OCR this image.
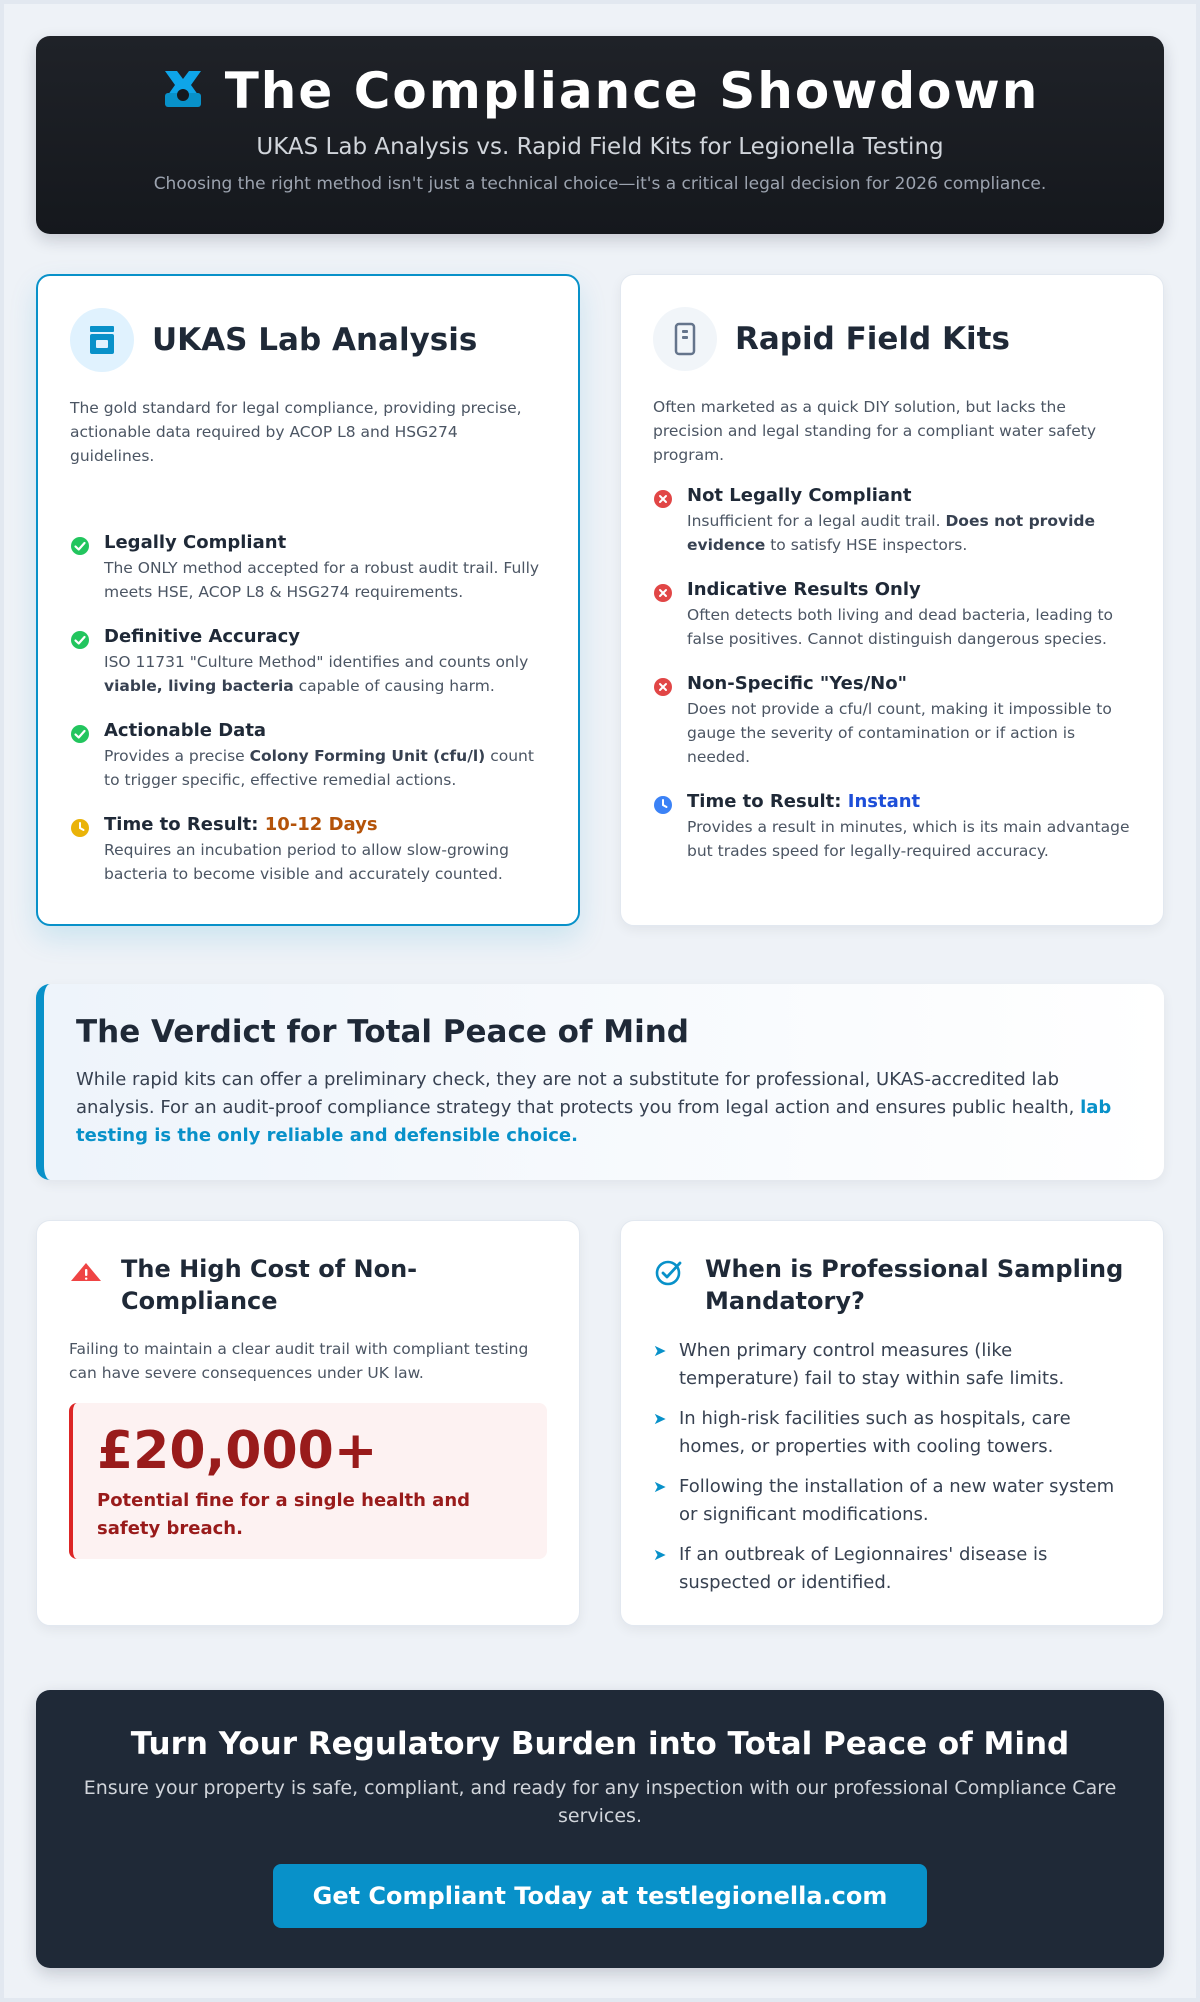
The Compliance Showdown
UKAS Lab Analysis vs. Rapid Field Kits for Legionella Testing
Choosing the right method isn't just a technical choice—it's a critical legal decision for 2026 compliance.
UKAS Lab Analysis
The gold standard for legal compliance, providing precise, actionable data required by ACOP L8 and HSG274 guidelines.
Legally Compliant

The ONLY method accepted for a robust audit trail. Fully meets HSE, ACOP L8 & HSG274 requirements.

Definitive Accuracy

ISO 11731 "Culture Method" identifies and counts only viable, living bacteria capable of causing harm.

Actionable Data

Provides a precise Colony Forming Unit (cfu/l) count to trigger specific, effective remedial actions.

Time to Result: 10-12 Days

Requires an incubation period to allow slow-growing bacteria to become visible and accurately counted.

Rapid Field Kits
Often marketed as a quick DIY solution, but lacks the precision and legal standing for a compliant water safety program.
Not Legally Compliant

Insufficient for a legal audit trail. Does not provide evidence to satisfy HSE inspectors.

Indicative Results Only

Often detects both living and dead bacteria, leading to false positives. Cannot distinguish dangerous species.

Non-Specific "Yes/No"

Does not provide a cfu/l count, making it impossible to gauge the severity of contamination or if action is needed.

Time to Result: Instant

Provides a result in minutes, which is its main advantage but trades speed for legally-required accuracy.

The Verdict for Total Peace of Mind

While rapid kits can offer a preliminary check, they are not a substitute for professional, UKAS-accredited lab analysis. For an audit-proof compliance strategy that protects you from legal action and ensures public health, lab testing is the only reliable and defensible choice.

The High Cost of Non-Compliance
Failing to maintain a clear audit trail with compliant testing can have severe consequences under UK law.
£20,000+
Potential fine for a single health and safety breach.
When is Professional Sampling Mandatory?
➤ When primary control measures (like temperature) fail to stay within safe limits.
➤ In high-risk facilities such as hospitals, care homes, or properties with cooling towers.
➤ Following the installation of a new water system or significant modifications.
➤ If an outbreak of Legionnaires' disease is suspected or identified.
Turn Your Regulatory Burden into Total Peace of Mind

Ensure your property is safe, compliant, and ready for any inspection with our professional Compliance Care services.

Get Compliant Today at testlegionella.com
